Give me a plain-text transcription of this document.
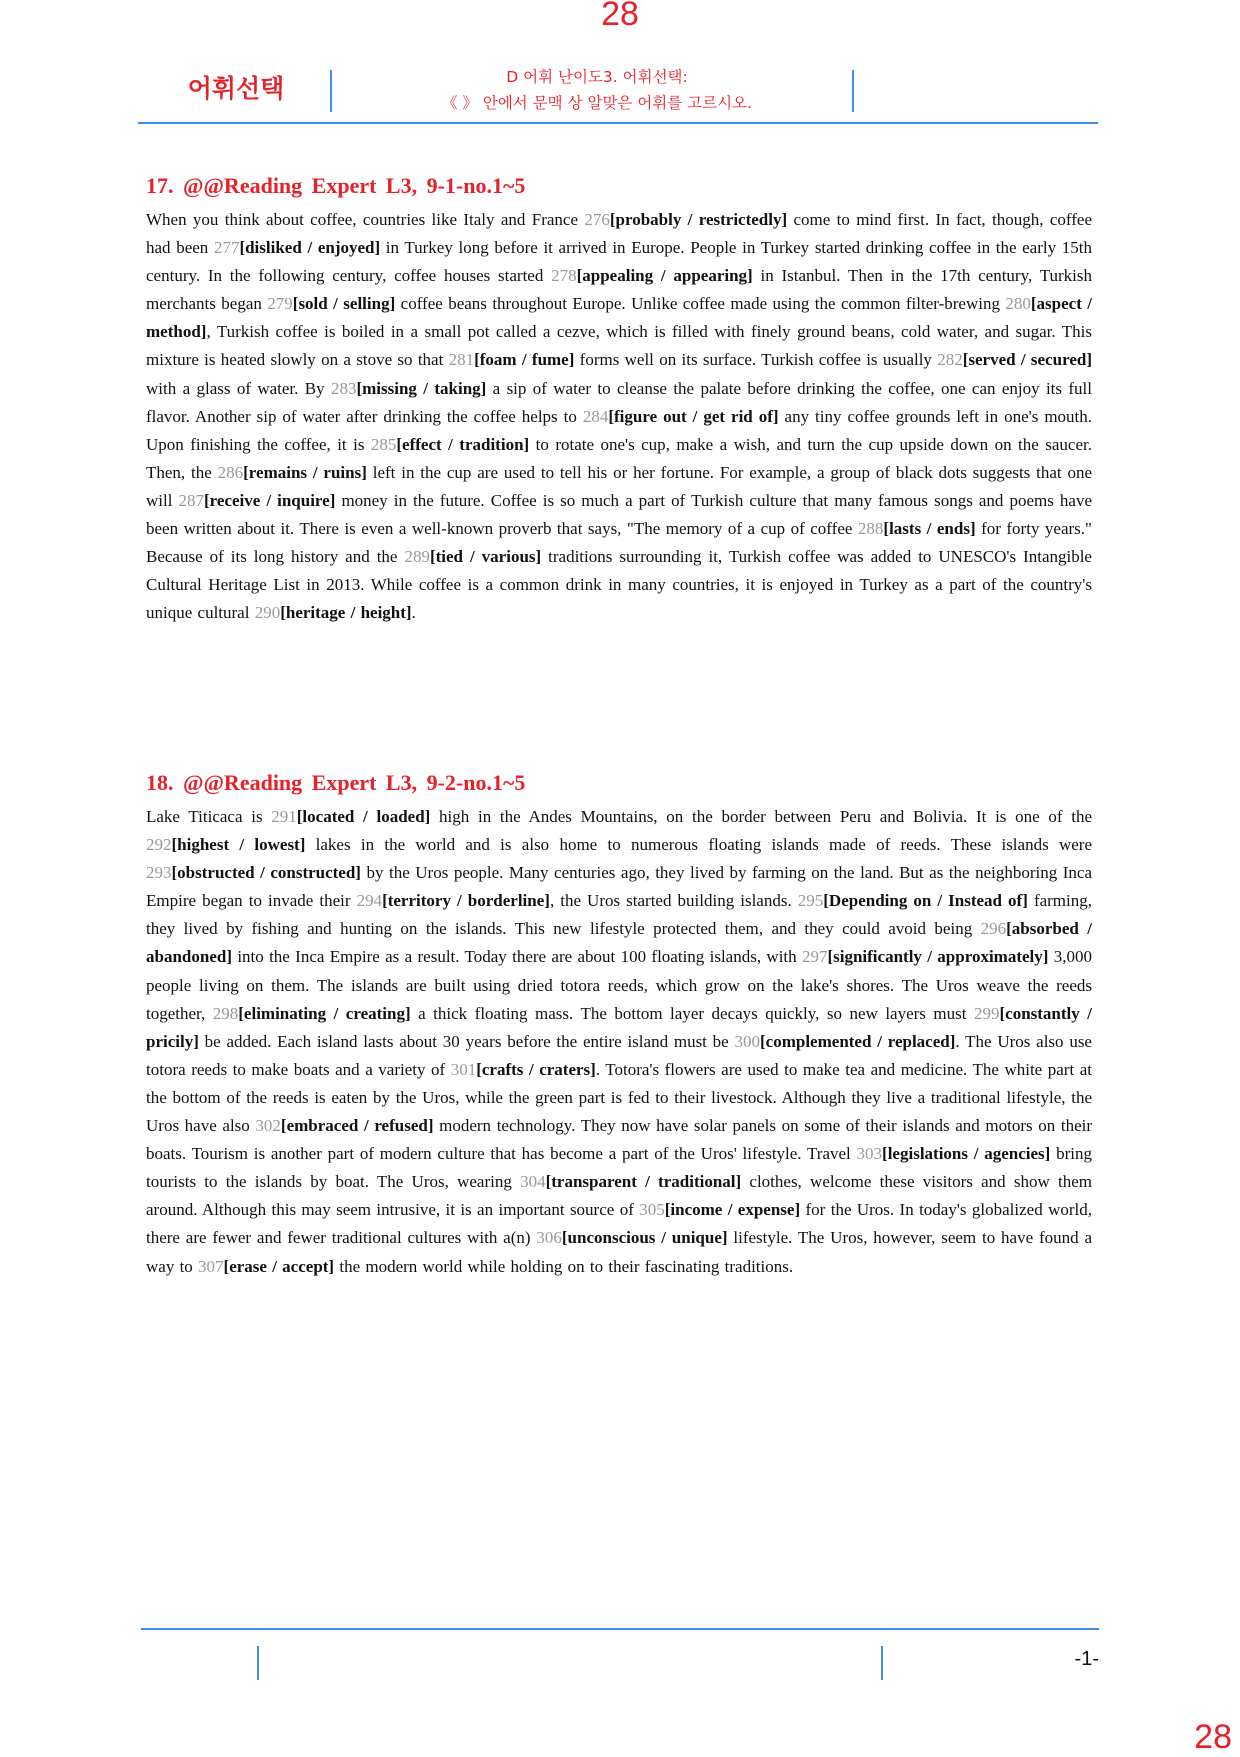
28
어휘선택	D 어휘 난이도3. 어휘선택:
《 》 안에서 문맥 상 알맞은 어휘를 고르시오.
17. @@Reading Expert L3, 9-1-no.1~5

When you think about coffee, countries like Italy and France 276[probably / restrictedly] come to mind first. In fact, though, coffee had been 277[disliked / enjoyed] in Turkey long before it arrived in Europe. People in Turkey started drinking coffee in the early 15th century. In the following century, coffee houses started 278[appealing / appearing] in Istanbul. Then in the 17th century, Turkish merchants began 279[sold / selling] coffee beans throughout Europe. Unlike coffee made using the common filter-brewing 280[aspect / method], Turkish coffee is boiled in a small pot called a cezve, which is filled with finely ground beans, cold water, and sugar. This mixture is heated slowly on a stove so that 281[foam / fume] forms well on its surface. Turkish coffee is usually 282[served / secured] with a glass of water. By 283[missing / taking] a sip of water to cleanse the palate before drinking the coffee, one can enjoy its full flavor. Another sip of water after drinking the coffee helps to 284[figure out / get rid of] any tiny coffee grounds left in one's mouth. Upon finishing the coffee, it is 285[effect / tradition] to rotate one's cup, make a wish, and turn the cup upside down on the saucer. Then, the 286[remains / ruins] left in the cup are used to tell his or her fortune. For example, a group of black dots suggests that one will 287[receive / inquire] money in the future. Coffee is so much a part of Turkish culture that many famous songs and poems have been written about it. There is even a well-known proverb that says, "The memory of a cup of coffee 288[lasts / ends] for forty years." Because of its long history and the 289[tied / various] traditions surrounding it, Turkish coffee was added to UNESCO's Intangible Cultural Heritage List in 2013. While coffee is a common drink in many countries, it is enjoyed in Turkey as a part of the country's unique cultural 290[heritage / height].

18. @@Reading Expert L3, 9-2-no.1~5

Lake Titicaca is 291[located / loaded] high in the Andes Mountains, on the border between Peru and Bolivia. It is one of the 292[highest / lowest] lakes in the world and is also home to numerous floating islands made of reeds. These islands were 293[obstructed / constructed] by the Uros people. Many centuries ago, they lived by farming on the land. But as the neighboring Inca Empire began to invade their 294[territory / borderline], the Uros started building islands. 295[Depending on / Instead of] farming, they lived by fishing and hunting on the islands. This new lifestyle protected them, and they could avoid being 296[absorbed / abandoned] into the Inca Empire as a result. Today there are about 100 floating islands, with 297[significantly / approximately] 3,000 people living on them. The islands are built using dried totora reeds, which grow on the lake's shores. The Uros weave the reeds together, 298[eliminating / creating] a thick floating mass. The bottom layer decays quickly, so new layers must 299[constantly / pricily] be added. Each island lasts about 30 years before the entire island must be 300[complemented / replaced]. The Uros also use totora reeds to make boats and a variety of 301[crafts / craters]. Totora's flowers are used to make tea and medicine. The white part at the bottom of the reeds is eaten by the Uros, while the green part is fed to their livestock. Although they live a traditional lifestyle, the Uros have also 302[embraced / refused] modern technology. They now have solar panels on some of their islands and motors on their boats. Tourism is another part of modern culture that has become a part of the Uros' lifestyle. Travel 303[legislations / agencies] bring tourists to the islands by boat. The Uros, wearing 304[transparent / traditional] clothes, welcome these visitors and show them around. Although this may seem intrusive, it is an important source of 305[income / expense] for the Uros. In today's globalized world, there are fewer and fewer traditional cultures with a(n) 306[unconscious / unique] lifestyle. The Uros, however, seem to have found a way to 307[erase / accept] the modern world while holding on to their fascinating traditions.

-1-
28
